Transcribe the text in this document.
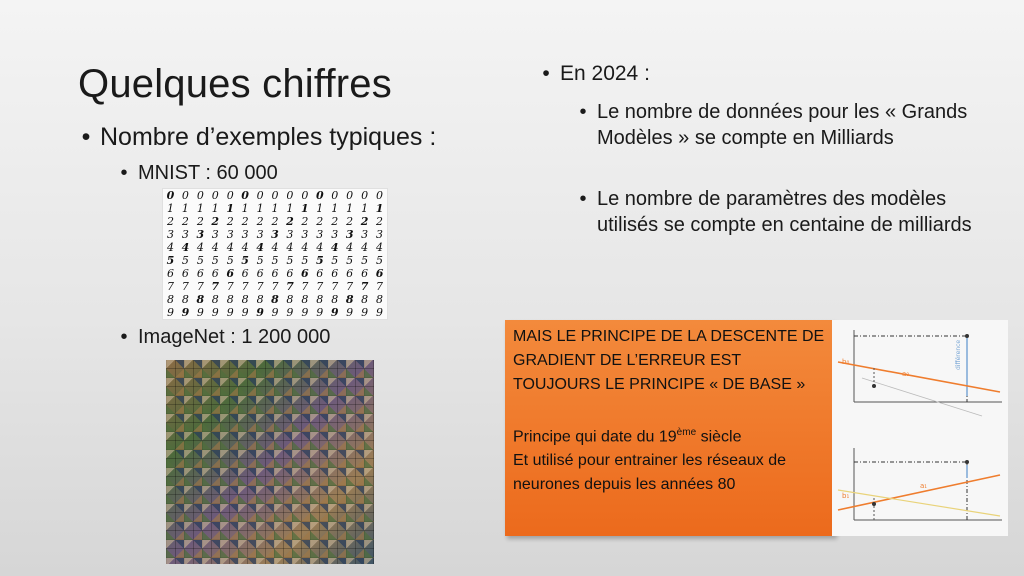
Quelques chiffres
• Nombre d’exemples typiques :
• MNIST : 60 000
0 0 0 0 0 0 0 0 0 0 0 0 0 0 0
1 1 1 1 1 1 1 1 1 1 1 1 1 1 1
2 2 2 2 2 2 2 2 2 2 2 2 2 2 2
3 3 3 3 3 3 3 3 3 3 3 3 3 3 3
4 4 4 4 4 4 4 4 4 4 4 4 4 4 4
5 5 5 5 5 5 5 5 5 5 5 5 5 5 5
6 6 6 6 6 6 6 6 6 6 6 6 6 6 6
7 7 7 7 7 7 7 7 7 7 7 7 7 7 7
8 8 8 8 8 8 8 8 8 8 8 8 8 8 8
9 9 9 9 9 9 9 9 9 9 9 9 9 9 9
• ImageNet : 1 200 000
• En 2024 :
• Le nombre de données pour les « Grands Modèles » se compte en Milliards
• Le nombre de paramètres des modèles utilisés se compte en centaine de milliards
MAIS LE PRINCIPE DE LA DESCENTE DE GRADIENT DE L’ERREUR EST TOUJOURS LE PRINCIPE « DE BASE »
Principe qui date du 19ème siècle
Et utilisé pour entrainer les réseaux de neurones depuis les années 80
b₀
a₀
différence
b₁
a₁
